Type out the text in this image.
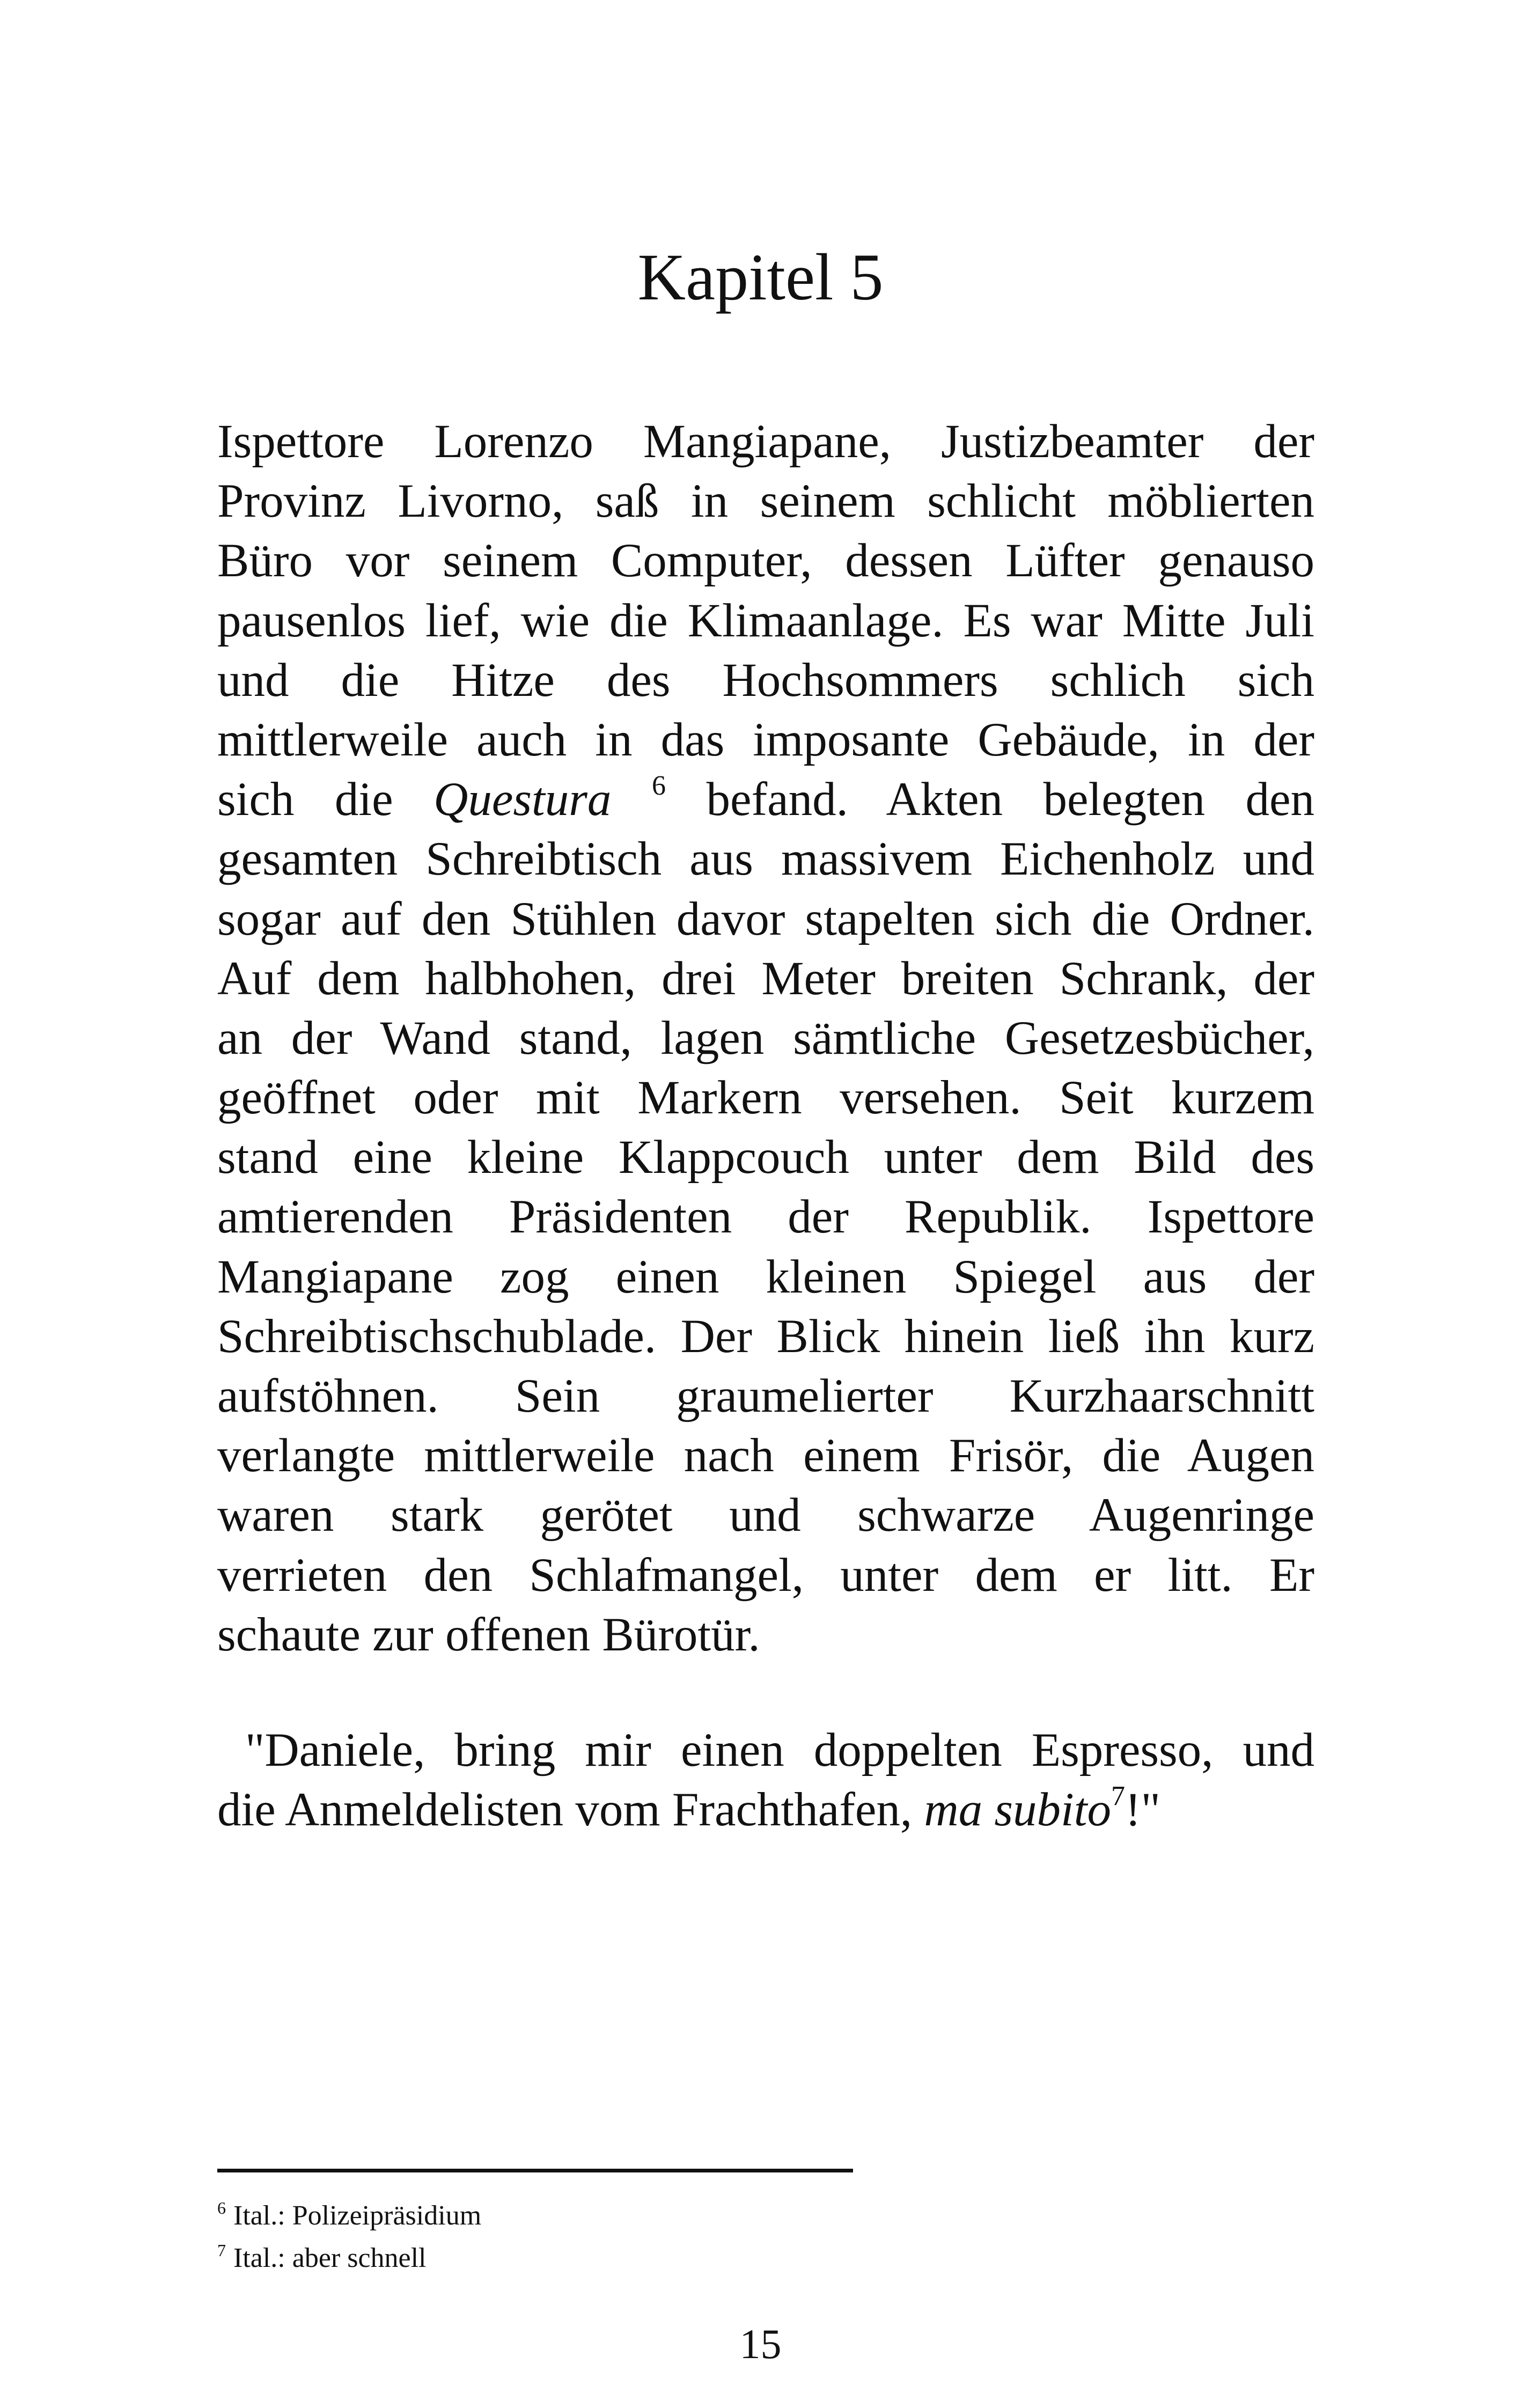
Kapitel 5
Ispettore Lorenzo Mangiapane, Justizbeamter der
Provinz Livorno, saß in seinem schlicht möblierten
Büro vor seinem Computer, dessen Lüfter genauso
pausenlos lief, wie die Klimaanlage. Es war Mitte Juli
und die Hitze des Hochsommers schlich sich
mittlerweile auch in das imposante Gebäude, in der
sich die Questura $^6$ befand. Akten belegten den
gesamten Schreibtisch aus massivem Eichenholz und
sogar auf den Stühlen davor stapelten sich die Ordner.
Auf dem halbhohen, drei Meter breiten Schrank, der
an der Wand stand, lagen sämtliche Gesetzesbücher,
geöffnet oder mit Markern versehen. Seit kurzem
stand eine kleine Klappcouch unter dem Bild des
amtierenden Präsidenten der Republik. Ispettore
Mangiapane zog einen kleinen Spiegel aus der
Schreibtischschublade. Der Blick hinein ließ ihn kurz
aufstöhnen. Sein graumelierter Kurzhaarschnitt
verlangte mittlerweile nach einem Frisör, die Augen
waren stark gerötet und schwarze Augenringe
verrieten den Schlafmangel, unter dem er litt. Er
schaute zur offenen Bürotür.
"Daniele, bring mir einen doppelten Espresso, und
die Anmeldelisten vom Frachthafen, ma subito$^7$!"
$^6$ Ital.: Polizeipräsidium
$^7$ Ital.: aber schnell
15
